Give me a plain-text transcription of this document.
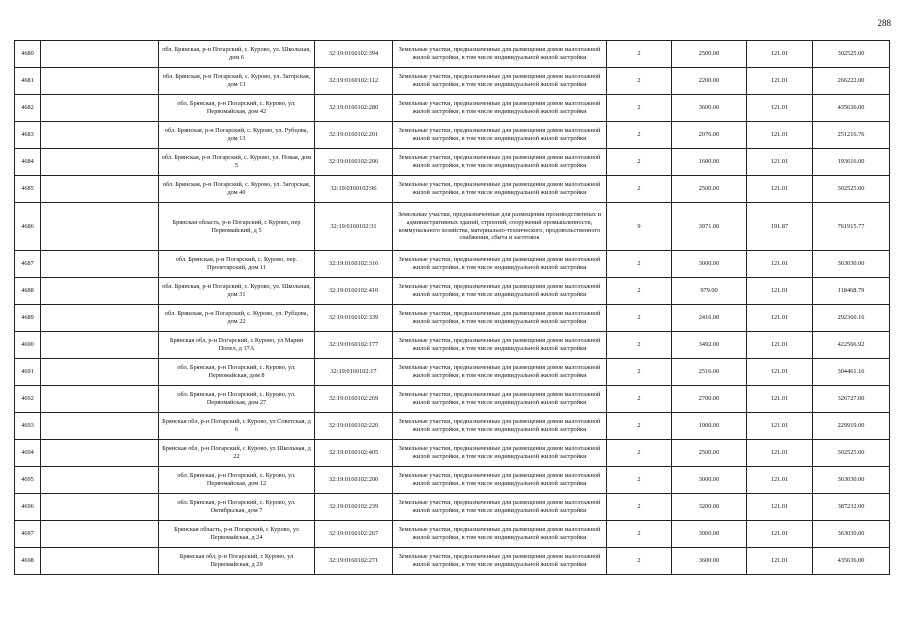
288
4680		обл. Брянская, р-н Погарский, с. Курово, ул. Школьная, дом 6	32:19:0160102:394	Земельные участки, предназначенные для размещения домов малоэтажной жилой застройки, в том числе индивидуальной жилой застройки	2	2500.00	121.01	302525.00
4681		обл. Брянская, р-н Погарский, с. Курово, ул. Загорская, дом 13	32:19:0160102:112	Земельные участки, предназначенные для размещения домов малоэтажной жилой застройки, в том числе индивидуальной жилой застройки	2	2200.00	121.01	266222.00
4682		обл. Брянская, р-н Погарский, с. Курово, ул. Первомайская, дом 42	32:19:0160102:280	Земельные участки, предназначенные для размещения домов малоэтажной жилой застройки, в том числе индивидуальной жилой застройки	2	3600.00	121.01	435636.00
4683		обл. Брянская, р-н Погарский, с. Курово, ул. Рубцова, дом 13	32:19:0160102:201	Земельные участки, предназначенные для размещения домов малоэтажной жилой застройки, в том числе индивидуальной жилой застройки	2	2076.00	121.01	251216.76
4684		обл. Брянская, р-н Погарский, с. Курово, ул. Новая, дом 5	32:19:0160102:206	Земельные участки, предназначенные для размещения домов малоэтажной жилой застройки, в том числе индивидуальной жилой застройки	2	1600.00	121.01	193616.00
4685		обл. Брянская, р-н Погарский, с. Курово, ул. Загорская, дом 40	32:19:0160102:96	Земельные участки, предназначенные для размещения домов малоэтажной жилой застройки, в том числе индивидуальной жилой застройки	2	2500.00	121.01	302525.00
4686		Брянская область, р-н Погарский, с Курово, пер Первомайский, д 5	32:19:0160102:31	Земельные участки, предназначенные для размещения производственных и административных зданий, строений, сооружений промышленности, коммунального хозяйства, материально-технического, продовольственного снабжения, сбыта и заготовок	9	3971.00	191.87	761915.77
4687		обл. Брянская, р-н Погарский, с. Курово, пер. Пролетарский, дом 11	32:19:0160102:316	Земельные участки, предназначенные для размещения домов малоэтажной жилой застройки, в том числе индивидуальной жилой застройки	2	3000.00	121.01	363030.00
4688		обл. Брянская, р-н Погарский, с. Курово, ул. Школьная, дом 31	32:19:0160102:410	Земельные участки, предназначенные для размещения домов малоэтажной жилой застройки, в том числе индивидуальной жилой застройки	2	979.00	121.01	118468.79
4689		обл. Брянская, р-н Погарский, с. Курово, ул. Рубцова, дом 22	32:19:0160102:339	Земельные участки, предназначенные для размещения домов малоэтажной жилой застройки, в том числе индивидуальной жилой застройки	2	2416.00	121.01	292360.16
4690		Брянская обл, р-н Погарский, с Курово, ул Марии Попел, д 17А	32:19:0160102:177	Земельные участки, предназначенные для размещения домов малоэтажной жилой застройки, в том числе индивидуальной жилой застройки	2	3492.00	121.01	422566.92
4691		обл. Брянская, р-н Погарский, с. Курово, ул. Первомайская, дом 8	32:19:0160102:17	Земельные участки, предназначенные для размещения домов малоэтажной жилой застройки, в том числе индивидуальной жилой застройки	2	2516.00	121.01	304461.16
4692		обл. Брянская, р-н Погарский, с. Курово, ул. Первомайская, дом 27	32:19:0160102:269	Земельные участки, предназначенные для размещения домов малоэтажной жилой застройки, в том числе индивидуальной жилой застройки	2	2700.00	121.01	326727.00
4693		Брянская обл, р-н Погарский, с Курово, ул Советская, д 6	32:19:0160102:220	Земельные участки, предназначенные для размещения домов малоэтажной жилой застройки, в том числе индивидуальной жилой застройки	2	1900.00	121.01	229919.00
4694		Брянская обл, р-н Погарский, с Курово, ул Школьная, д 22	32:19:0160102:405	Земельные участки, предназначенные для размещения домов малоэтажной жилой застройки, в том числе индивидуальной жилой застройки	2	2500.00	121.01	302525.00
4695		обл. Брянская, р-н Погарский, с. Курово, ул. Первомайская, дом 12	32:19:0160102:200	Земельные участки, предназначенные для размещения домов малоэтажной жилой застройки, в том числе индивидуальной жилой застройки	2	3000.00	121.01	363030.00
4696		обл. Брянская, р-н Погарский, с. Курово, ул. Октябрьская, дом 7	32:19:0160102:239	Земельные участки, предназначенные для размещения домов малоэтажной жилой застройки, в том числе индивидуальной жилой застройки	2	3200.00	121.01	387232.00
4697		Брянская область, р-н Погарский, с Курово, ул Первомайская, д 24	32:19:0160102:267	Земельные участки, предназначенные для размещения домов малоэтажной жилой застройки, в том числе индивидуальной жилой застройки	2	3000.00	121.01	363030.00
4698		Брянская обл, р-н Погарский, с Курово, ул Первомайская, д 29	32:19:0160102:271	Земельные участки, предназначенные для размещения домов малоэтажной жилой застройки, в том числе индивидуальной жилой застройки	2	3600.00	121.01	435636.00
